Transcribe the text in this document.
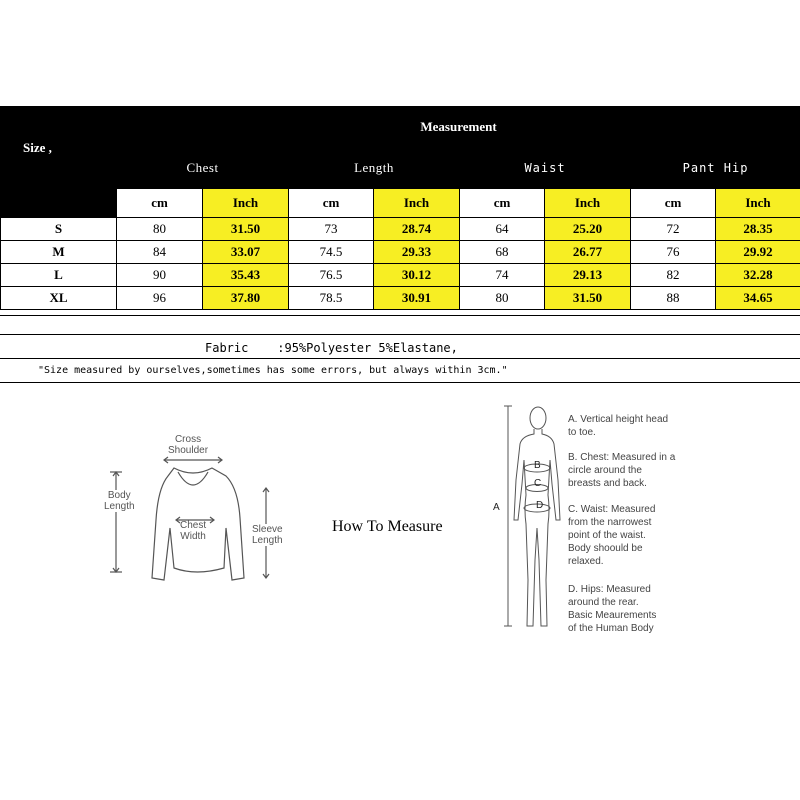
Size ,	Measurement							
	Chest		Length		Waist		Pant Hip	
	cm	Inch	cm	Inch	cm	Inch	cm	Inch
S	80	31.50	73	28.74	64	25.20	72	28.35
M	84	33.07	74.5	29.33	68	26.77	76	29.92
L	90	35.43	76.5	30.12	74	29.13	82	32.28
XL	96	37.80	78.5	30.91	80	31.50	88	34.65
Fabric    :95%Polyester 5%Elastane,
"Size measured by ourselves,sometimes has some errors, but always within 3cm."
Cross
Shoulder
Body
Length
Chest
Width
Sleeve
Length
How To Measure
A
B
C
D
A. Vertical height head
to toe.
B. Chest: Measured in a
circle around the
breasts and back.
C. Waist: Measured
from the narrowest
point of the waist.
Body shoould be
relaxed.
D. Hips: Measured
around the rear.
Basic Meaurements
of the Human Body
